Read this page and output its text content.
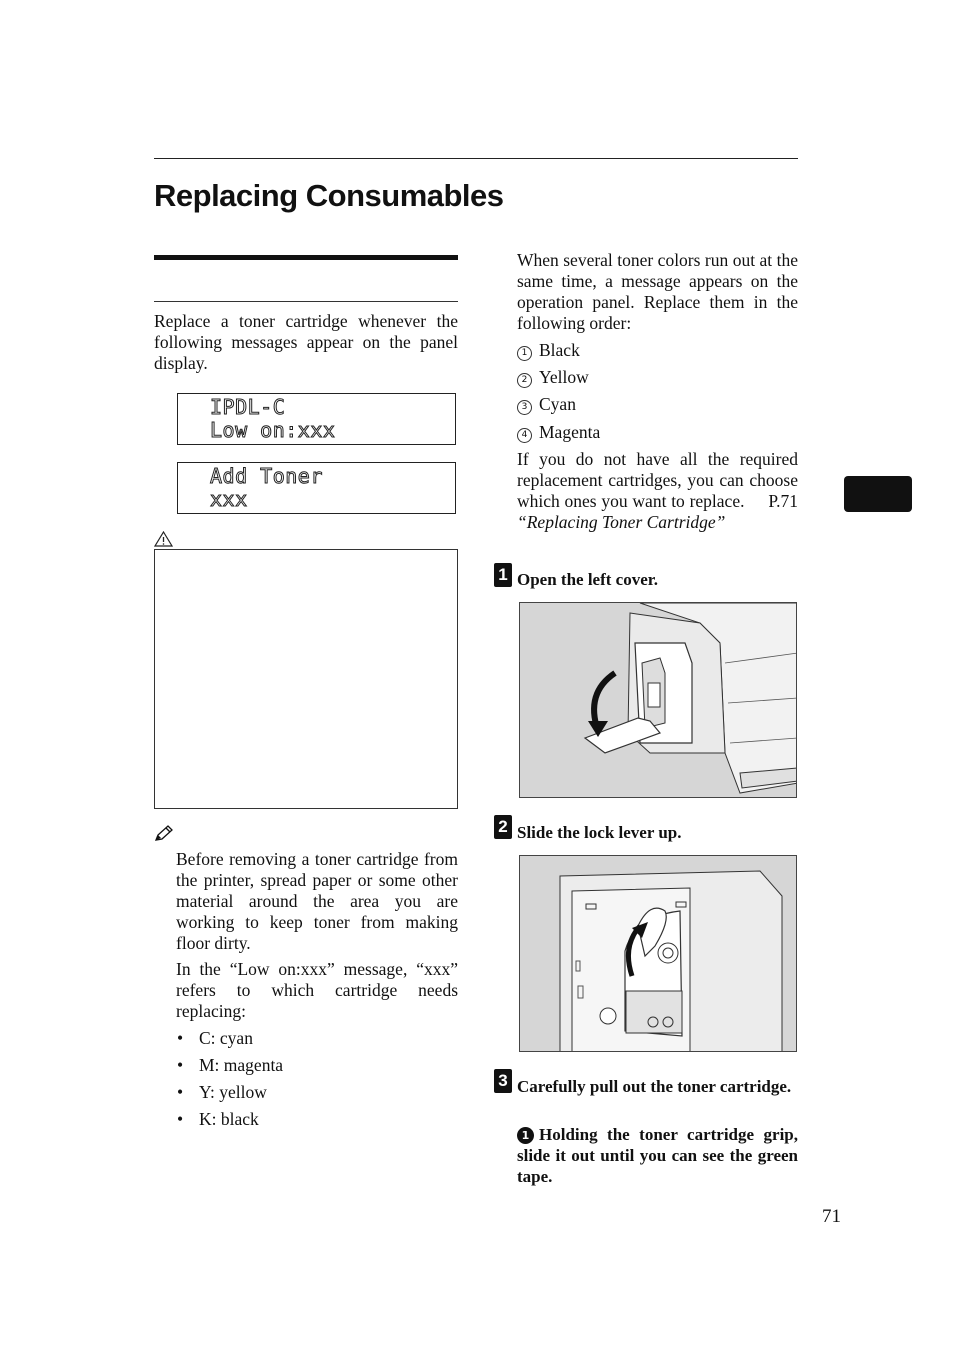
Replacing Consumables
Replace a toner cartridge whenever the following messages appear on the panel display.
IPDL-C
Low on:xxx
Add Toner
xxx
Before removing a toner cartridge from the printer, spread paper or some other material around the area you are working to keep toner from making floor dirty.
In the “Low on:xxx” message, “xxx” refers to which cartridge needs replacing:
• C: cyan
• M: magenta
• Y: yellow
• K: black
When several toner colors run out at the same time, a message appears on the operation panel. Replace them in the following order:
1 Black
2 Yellow
3 Cyan
4 Magenta
If you do not have all the required replacement cartridges, you can choose which ones you want to replace. P.71 “Replacing Toner Cartridge”
1 Open the left cover.
2 Slide the lock lever up.
3 Carefully pull out the toner cartridge.
1 Holding the toner cartridge grip, slide it out until you can see the green tape.
71
